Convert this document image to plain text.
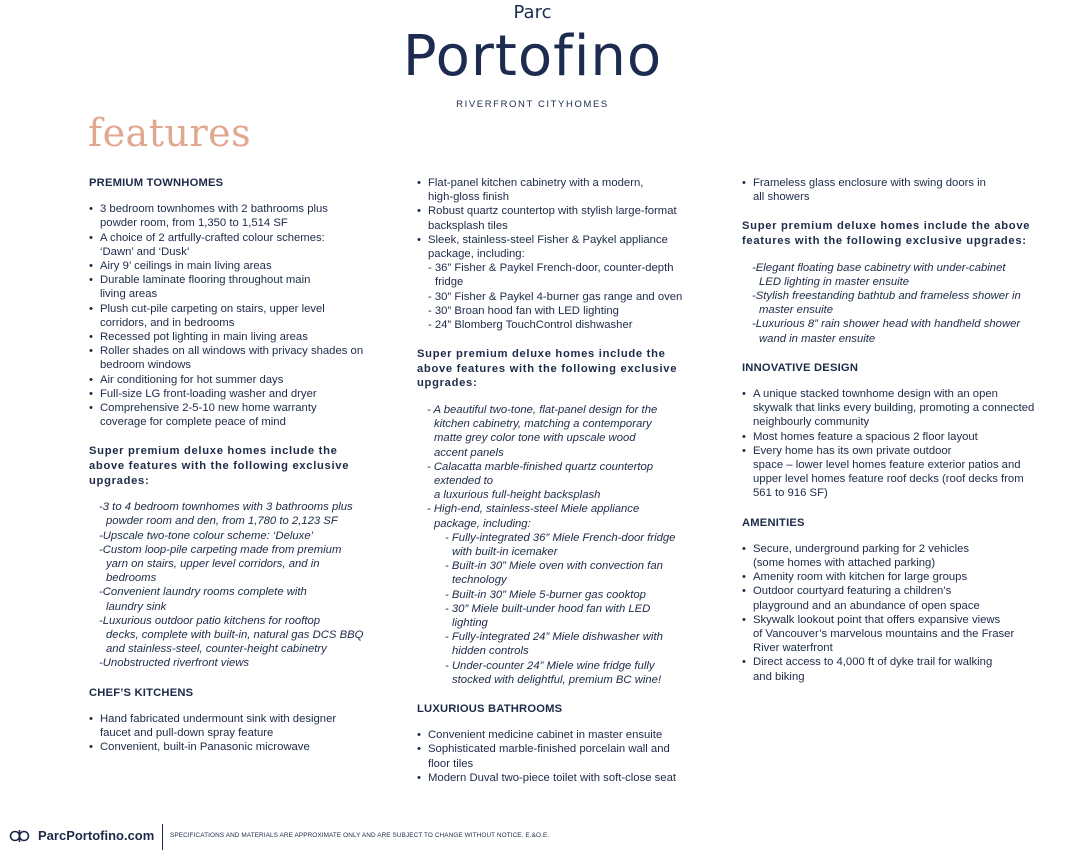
Parc
Portofino
RIVERFRONT CITYHOMES
features
PREMIUM TOWNHOMES
• 3 bedroom townhomes with 2 bathrooms plus
powder room, from 1,350 to 1,514 SF
• A choice of 2 artfully-crafted colour schemes:
‘Dawn’ and ‘Dusk’
• Airy 9’ ceilings in main living areas
• Durable laminate flooring throughout main
living areas
• Plush cut-pile carpeting on stairs, upper level
corridors, and in bedrooms
• Recessed pot lighting in main living areas
• Roller shades on all windows with privacy shades on
bedroom windows
• Air conditioning for hot summer days
• Full-size LG front-loading washer and dryer
• Comprehensive 2-5-10 new home warranty
coverage for complete peace of mind
Super premium deluxe homes include the
above features with the following exclusive
upgrades:
-3 to 4 bedroom townhomes with 3 bathrooms plus
powder room and den, from 1,780 to 2,123 SF
-Upscale two-tone colour scheme: ‘Deluxe’
-Custom loop-pile carpeting made from premium
yarn on stairs, upper level corridors, and in
bedrooms
-Convenient laundry rooms complete with
laundry sink
-Luxurious outdoor patio kitchens for rooftop
decks, complete with built-in, natural gas DCS BBQ
and stainless-steel, counter-height cabinetry
-Unobstructed riverfront views
CHEF’S KITCHENS
• Hand fabricated undermount sink with designer
faucet and pull-down spray feature
• Convenient, built-in Panasonic microwave
• Flat-panel kitchen cabinetry with a modern,
high-gloss finish
• Robust quartz countertop with stylish large-format
backsplash tiles
• Sleek, stainless-steel Fisher & Paykel appliance
package, including:
- 36” Fisher & Paykel French-door, counter-depth
fridge
- 30” Fisher & Paykel 4-burner gas range and oven
- 30” Broan hood fan with LED lighting
- 24” Blomberg TouchControl dishwasher
Super premium deluxe homes include the
above features with the following exclusive
upgrades:
- A beautiful two-tone, flat-panel design for the
kitchen cabinetry, matching a contemporary
matte grey color tone with upscale wood
accent panels
- Calacatta marble-finished quartz countertop
extended to
a luxurious full-height backsplash
- High-end, stainless-steel Miele appliance
package, including:
- Fully-integrated 36” Miele French-door fridge
with built-in icemaker
- Built-in 30” Miele oven with convection fan
technology
- Built-in 30” Miele 5-burner gas cooktop
- 30” Miele built-under hood fan with LED
lighting
- Fully-integrated 24” Miele dishwasher with
hidden controls
- Under-counter 24” Miele wine fridge fully
stocked with delightful, premium BC wine!
LUXURIOUS BATHROOMS
• Convenient medicine cabinet in master ensuite
• Sophisticated marble-finished porcelain wall and
floor tiles
• Modern Duval two-piece toilet with soft-close seat
• Frameless glass enclosure with swing doors in
all showers
Super premium deluxe homes include the above
features with the following exclusive upgrades:
-Elegant floating base cabinetry with under-cabinet
LED lighting in master ensuite
-Stylish freestanding bathtub and frameless shower in
master ensuite
-Luxurious 8” rain shower head with handheld shower
wand in master ensuite
INNOVATIVE DESIGN
• A unique stacked townhome design with an open
skywalk that links every building, promoting a connected
neighbourly community
• Most homes feature a spacious 2 floor layout
• Every home has its own private outdoor
space – lower level homes feature exterior patios and
upper level homes feature roof decks (roof decks from
561 to 916 SF)
AMENITIES
• Secure, underground parking for 2 vehicles
(some homes with attached parking)
• Amenity room with kitchen for large groups
• Outdoor courtyard featuring a children’s
playground and an abundance of open space
• Skywalk lookout point that offers expansive views
of Vancouver’s marvelous mountains and the Fraser
River waterfront
• Direct access to 4,000 ft of dyke trail for walking
and biking
ParcPortofino.com SPECIFICATIONS AND MATERIALS ARE APPROXIMATE ONLY AND ARE SUBJECT TO CHANGE WITHOUT NOTICE. E.&O.E.
